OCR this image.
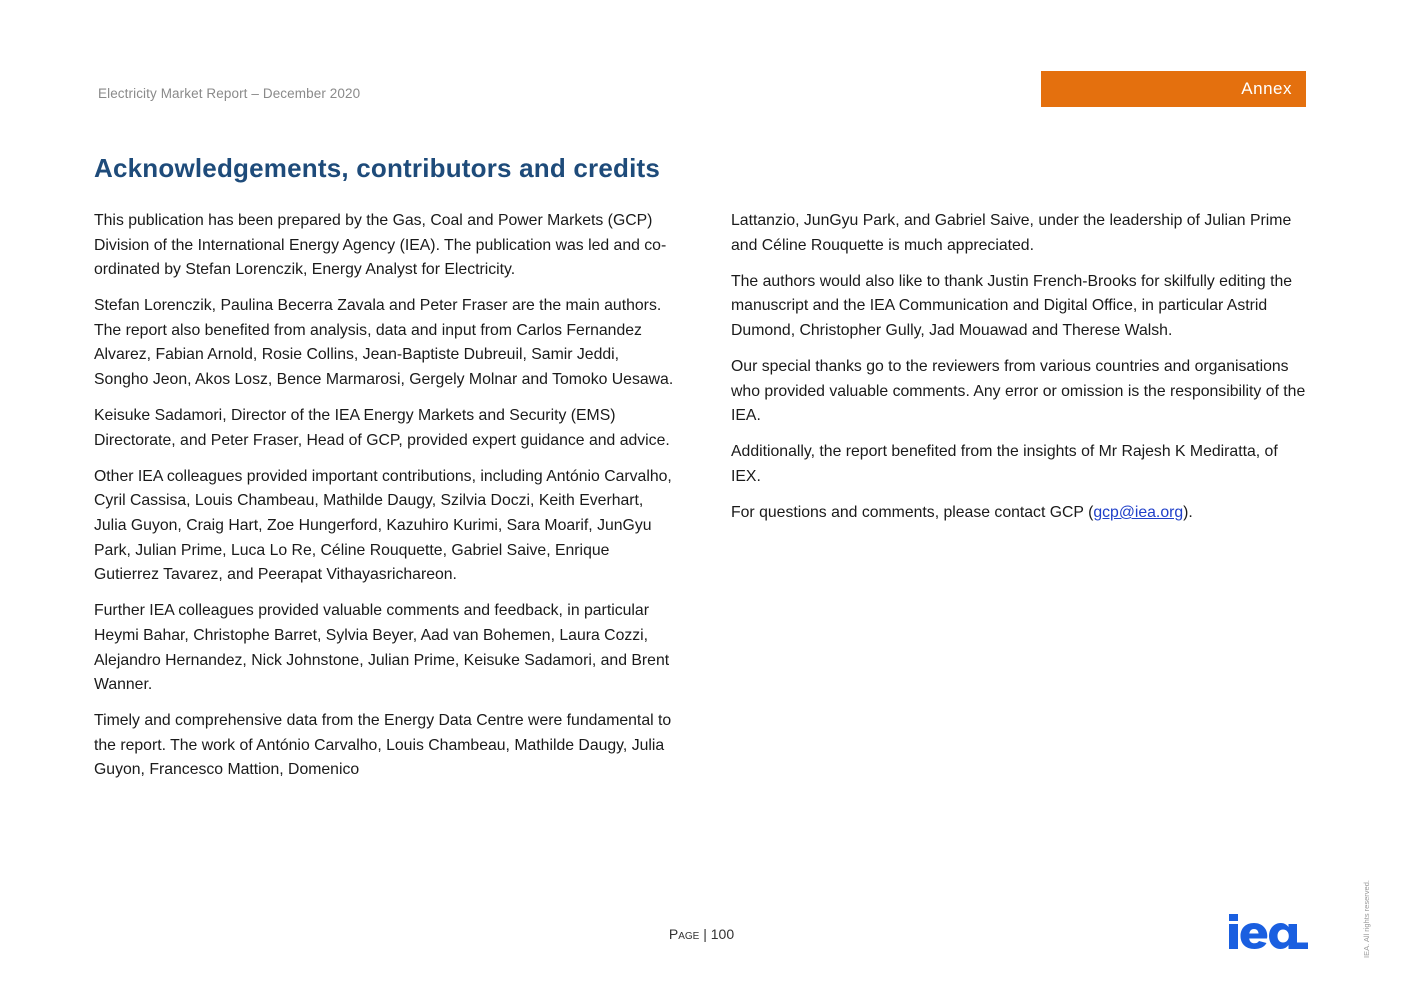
Electricity Market Report – December 2020	Annex
Acknowledgements, contributors and credits

This publication has been prepared by the Gas, Coal and Power Markets (GCP) Division of the International Energy Agency (IEA). The publication was led and co-ordinated by Stefan Lorenczik, Energy Analyst for Electricity.

Stefan Lorenczik, Paulina Becerra Zavala and Peter Fraser are the main authors. The report also benefited from analysis, data and input from Carlos Fernandez Alvarez, Fabian Arnold, Rosie Collins, Jean-Baptiste Dubreuil, Samir Jeddi, Songho Jeon, Akos Losz, Bence Marmarosi, Gergely Molnar and Tomoko Uesawa.

Keisuke Sadamori, Director of the IEA Energy Markets and Security (EMS) Directorate, and Peter Fraser, Head of GCP, provided expert guidance and advice.

Other IEA colleagues provided important contributions, including António Carvalho, Cyril Cassisa, Louis Chambeau, Mathilde Daugy, Szilvia Doczi, Keith Everhart, Julia Guyon, Craig Hart, Zoe Hungerford, Kazuhiro Kurimi, Sara Moarif, JunGyu Park, Julian Prime, Luca Lo Re, Céline Rouquette, Gabriel Saive, Enrique Gutierrez Tavarez, and Peerapat Vithayasrichareon.

Further IEA colleagues provided valuable comments and feedback, in particular Heymi Bahar, Christophe Barret, Sylvia Beyer, Aad van Bohemen, Laura Cozzi, Alejandro Hernandez, Nick Johnstone, Julian Prime, Keisuke Sadamori, and Brent Wanner.

Timely and comprehensive data from the Energy Data Centre were fundamental to the report. The work of António Carvalho, Louis Chambeau, Mathilde Daugy, Julia Guyon, Francesco Mattion, Domenico

Lattanzio, JunGyu Park, and Gabriel Saive, under the leadership of Julian Prime and Céline Rouquette is much appreciated.

The authors would also like to thank Justin French-Brooks for skilfully editing the manuscript and the IEA Communication and Digital Office, in particular Astrid Dumond, Christopher Gully, Jad Mouawad and Therese Walsh.

Our special thanks go to the reviewers from various countries and organisations who provided valuable comments. Any error or omission is the responsibility of the IEA.

Additionally, the report benefited from the insights of Mr Rajesh K Mediratta, of IEX.

For questions and comments, please contact GCP (gcp@iea.org).

Page | 100	IEA. All rights reserved.
